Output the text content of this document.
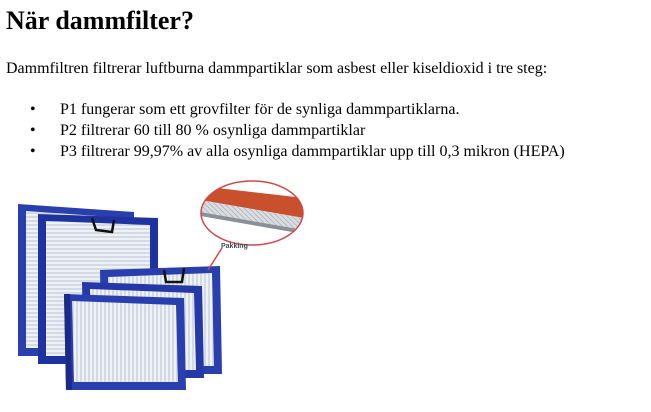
När dammfilter?

Dammfiltren filtrerar luftburna dammpartiklar som asbest eller kiseldioxid i tre steg:

• P1 fungerar som ett grovfilter för de synliga dammpartiklarna.
• P2 filtrerar 60 till 80 % osynliga dammpartiklar
• P3 filtrerar 99,97% av alla osynliga dammpartiklar upp till 0,3 mikron (HEPA)
Pakking
